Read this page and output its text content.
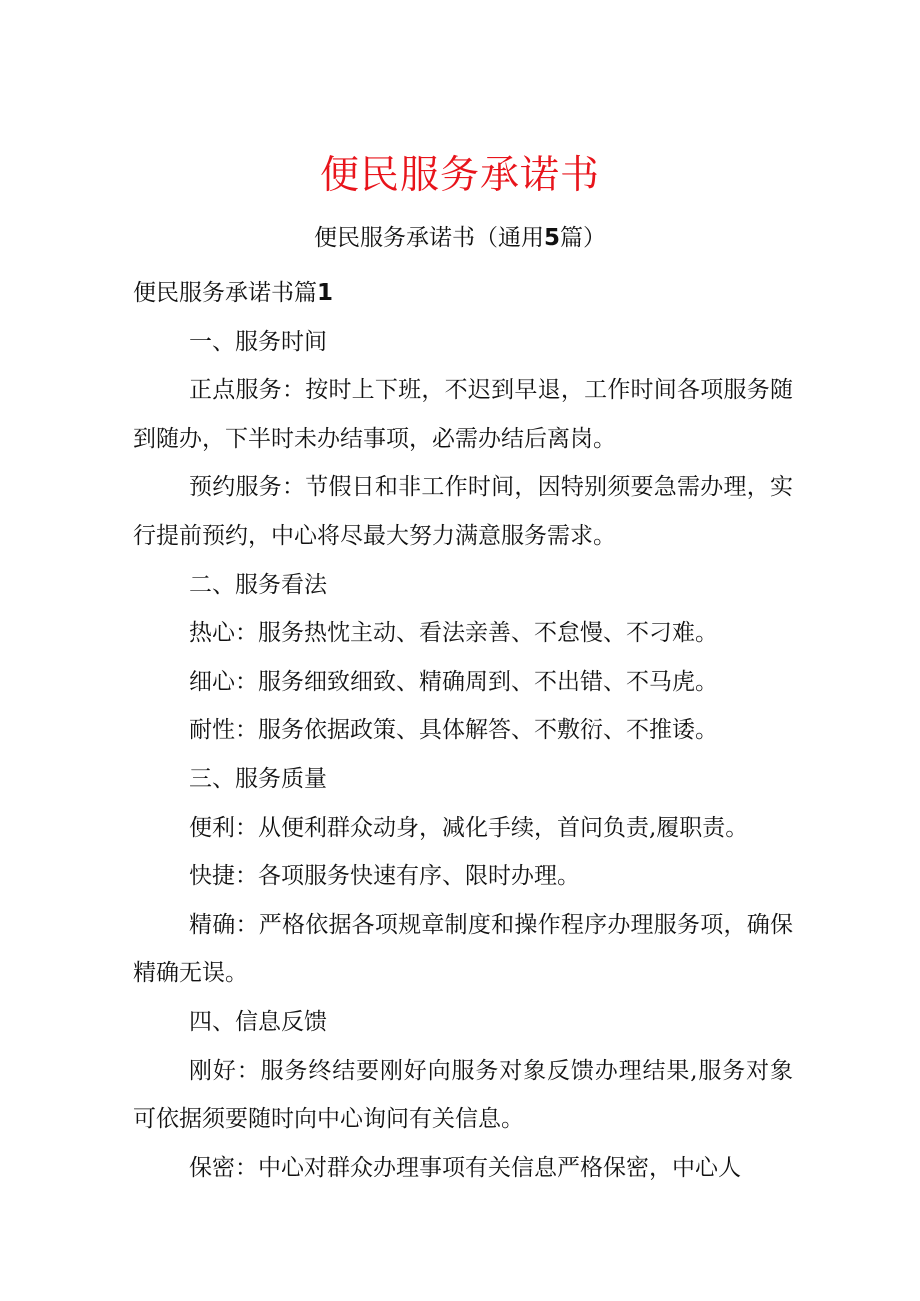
便民服务承诺书
便民服务承诺书（通用5篇）

便民服务承诺书篇1

一、服务时间

正点服务：按时上下班，不迟到早退，工作时间各项服务随到随办，下半时未办结事项，必需办结后离岗。

预约服务：节假日和非工作时间，因特别须要急需办理，实行提前预约，中心将尽最大努力满意服务需求。

二、服务看法

热心：服务热忱主动、看法亲善、不怠慢、不刁难。

细心：服务细致细致、精确周到、不出错、不马虎。

耐性：服务依据政策、具体解答、不敷衍、不推诿。

三、服务质量

便利：从便利群众动身，减化手续，首问负责,履职责。

快捷：各项服务快速有序、限时办理。

精确：严格依据各项规章制度和操作程序办理服务项，确保精确无误。

四、信息反馈

刚好：服务终结要刚好向服务对象反馈办理结果,服务对象可依据须要随时向中心询问有关信息。

保密：中心对群众办理事项有关信息严格保密，中心人
